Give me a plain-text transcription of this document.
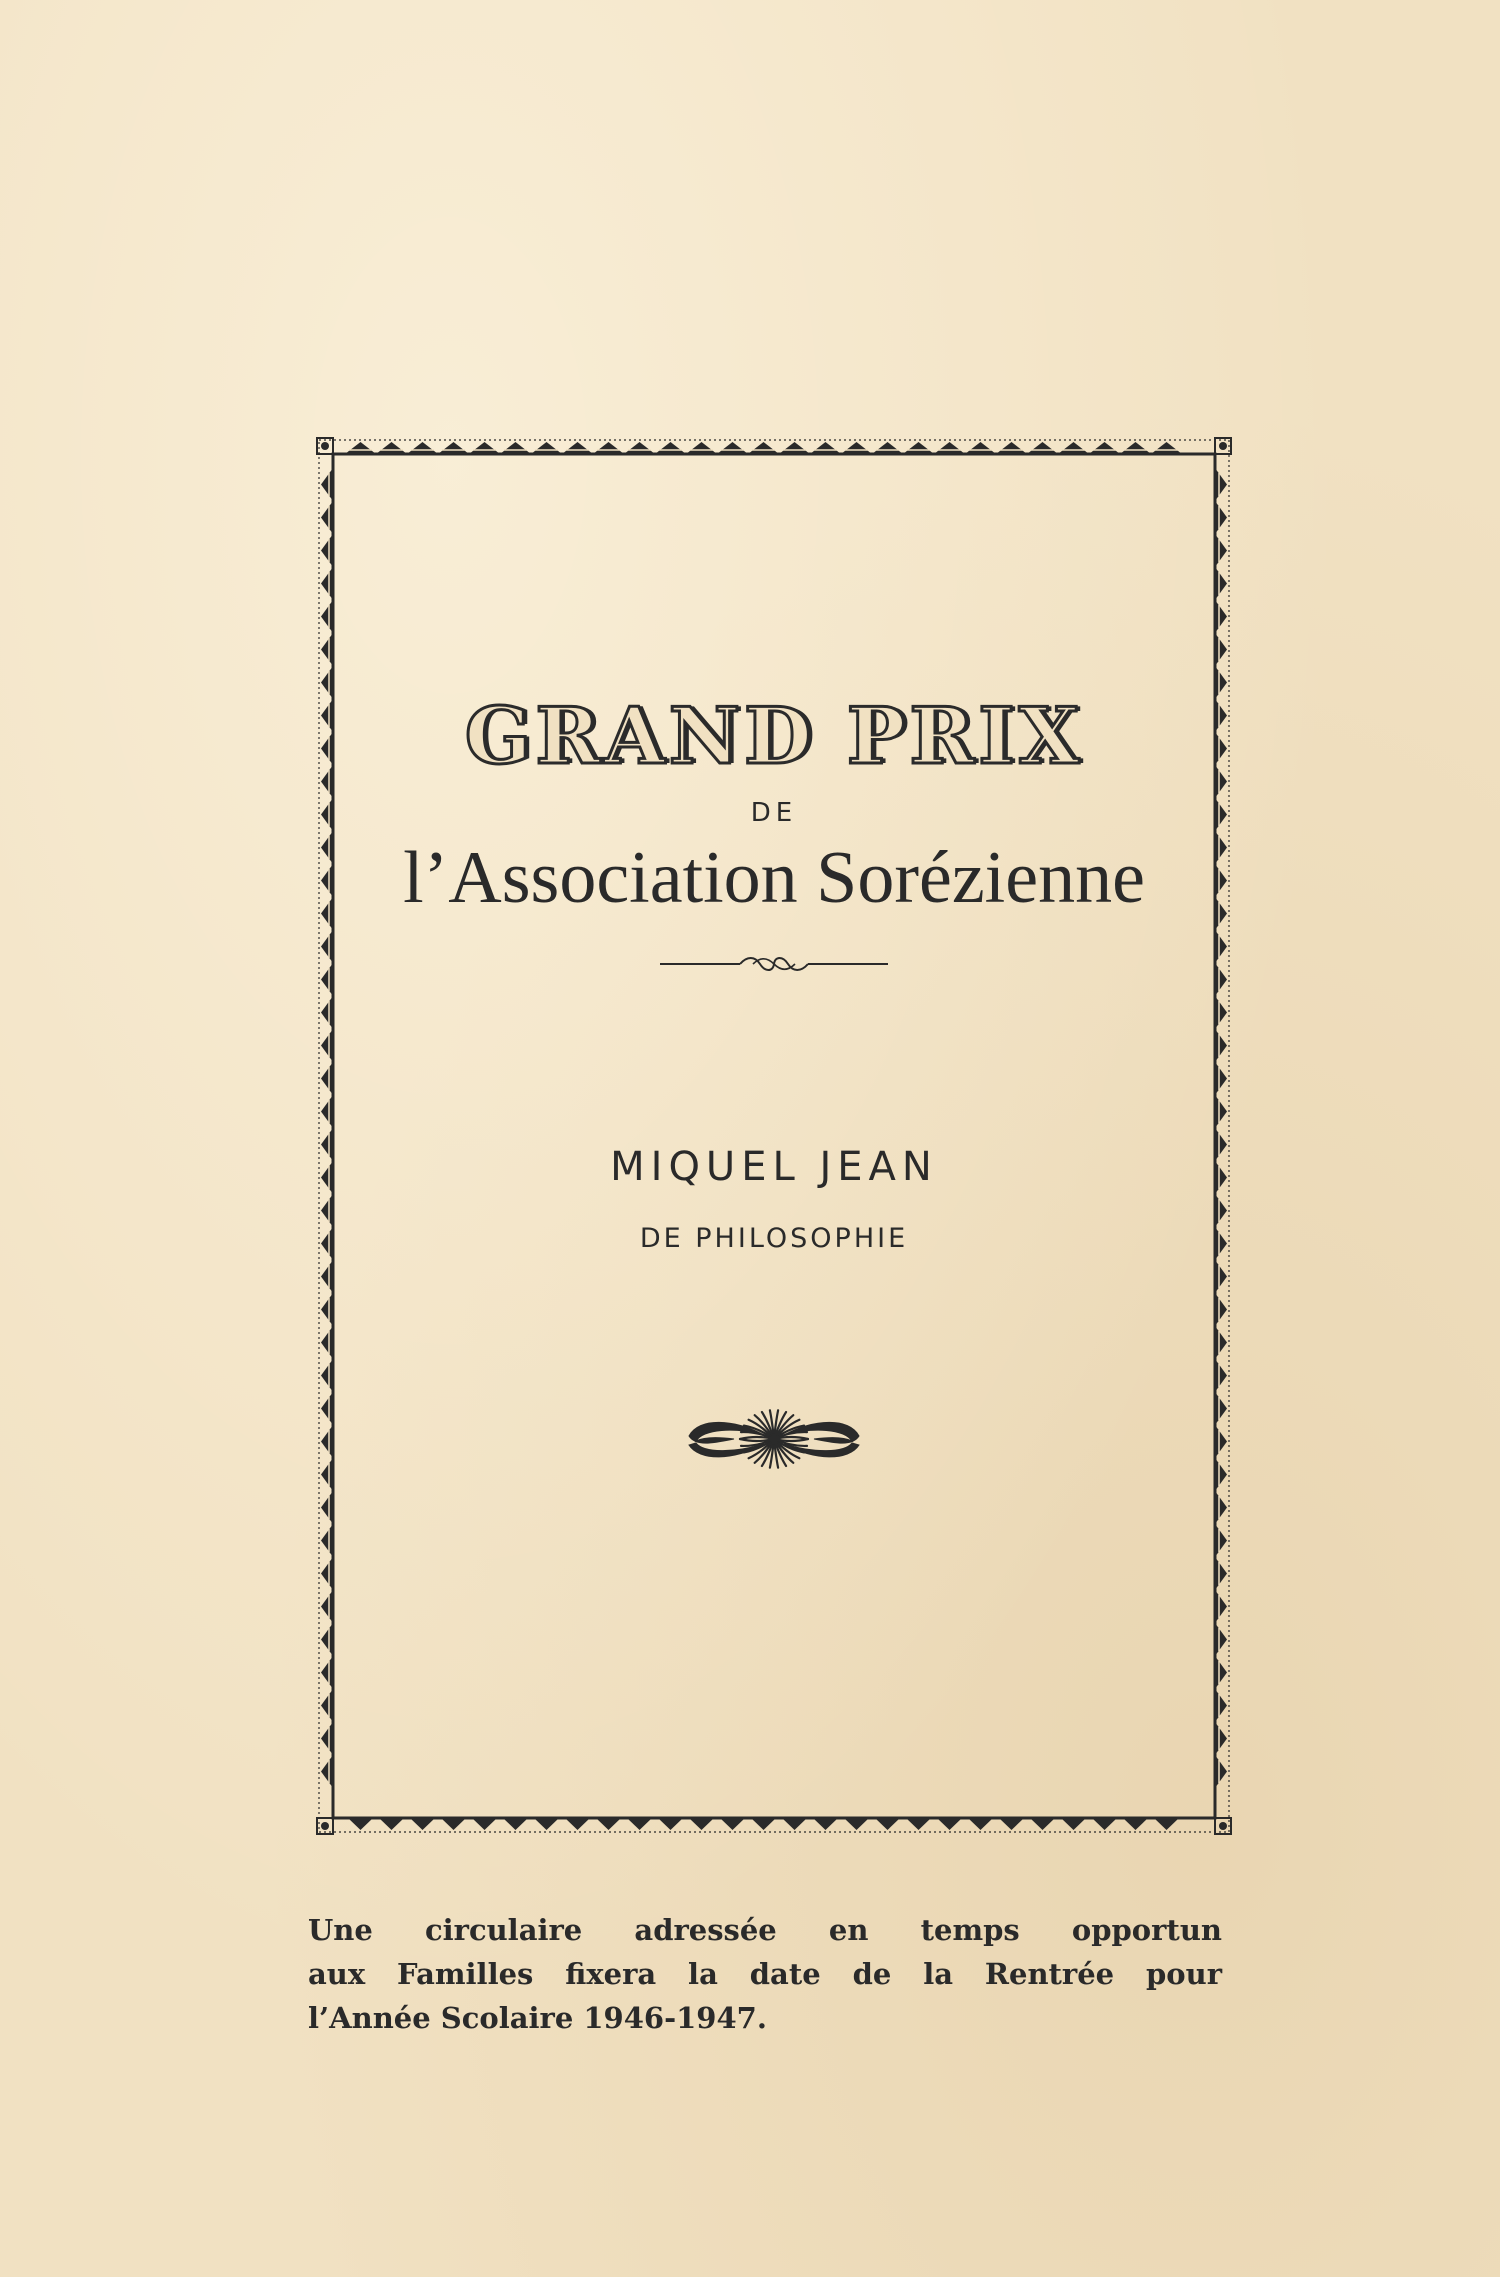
GRAND PRIX
DE
l’Association Sorézienne
MIQUEL JEAN
DE PHILOSOPHIE
Une circulaire adressée en temps opportun
aux Familles fixera la date de la Rentrée pour
l’Année Scolaire 1946-1947.
